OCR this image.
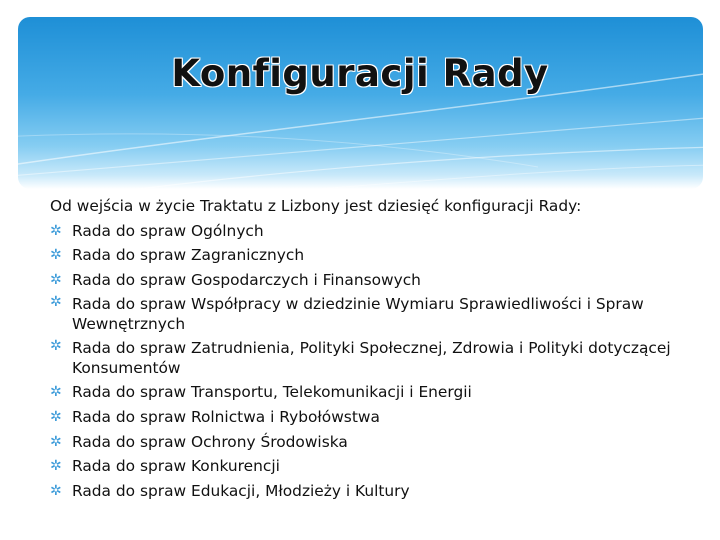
Konfiguracji Rady

Od wejścia w życie Traktatu z Lizbony jest dziesięć konfiguracji Rady:

✲ Rada do spraw Ogólnych
✲ Rada do spraw Zagranicznych
✲ Rada do spraw Gospodarczych i Finansowych
✲ Rada do spraw Współpracy w dziedzinie Wymiaru Sprawiedliwości i Spraw Wewnętrznych
✲ Rada do spraw Zatrudnienia, Polityki Społecznej, Zdrowia i Polityki dotyczącej Konsumentów
✲ Rada do spraw Transportu, Telekomunikacji i Energii
✲ Rada do spraw Rolnictwa i Rybołówstwa
✲ Rada do spraw Ochrony Środowiska
✲ Rada do spraw Konkurencji
✲ Rada do spraw Edukacji, Młodzieży i Kultury
